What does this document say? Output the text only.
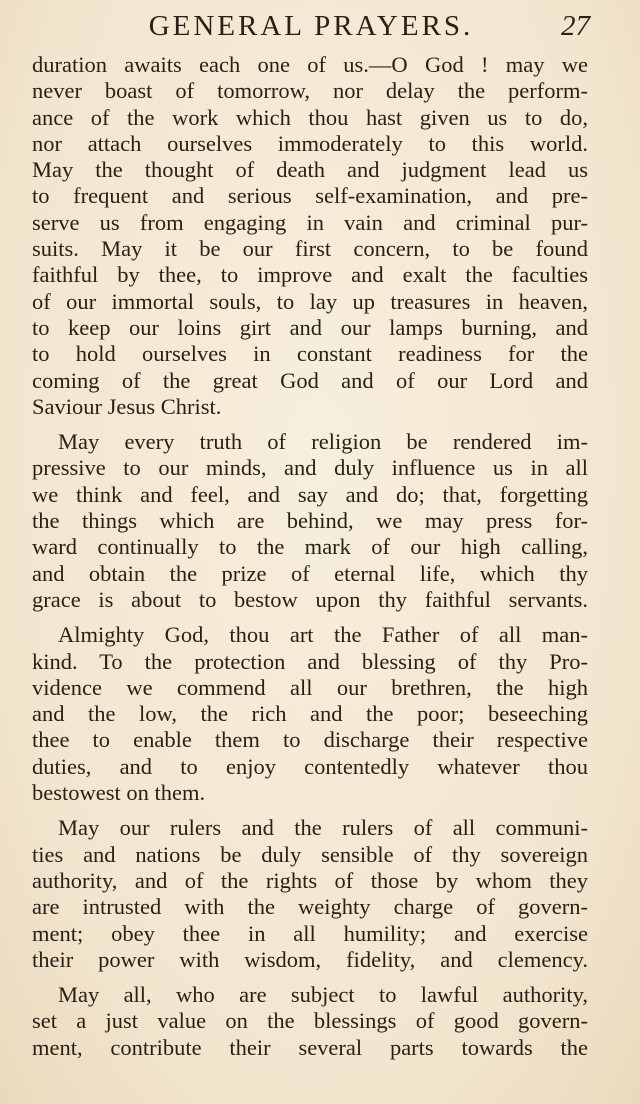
GENERAL PRAYERS.	27
duration awaits each one of us.—O God ! may we
never boast of tomorrow, nor delay the perform-
ance of the work which thou hast given us to do,
nor attach ourselves immoderately to this world.
May the thought of death and judgment lead us
to frequent and serious self-examination, and pre-
serve us from engaging in vain and criminal pur-
suits. May it be our first concern, to be found
faithful by thee, to improve and exalt the faculties
of our immortal souls, to lay up treasures in heaven,
to keep our loins girt and our lamps burning, and
to hold ourselves in constant readiness for the
coming of the great God and of our Lord and
Saviour Jesus Christ.
May every truth of religion be rendered im-
pressive to our minds, and duly influence us in all
we think and feel, and say and do; that, forgetting
the things which are behind, we may press for-
ward continually to the mark of our high calling,
and obtain the prize of eternal life, which thy
grace is about to bestow upon thy faithful servants.
Almighty God, thou art the Father of all man-
kind. To the protection and blessing of thy Pro-
vidence we commend all our brethren, the high
and the low, the rich and the poor; beseeching
thee to enable them to discharge their respective
duties, and to enjoy contentedly whatever thou
bestowest on them.
May our rulers and the rulers of all communi-
ties and nations be duly sensible of thy sovereign
authority, and of the rights of those by whom they
are intrusted with the weighty charge of govern-
ment; obey thee in all humility; and exercise
their power with wisdom, fidelity, and clemency.
May all, who are subject to lawful authority,
set a just value on the blessings of good govern-
ment, contribute their several parts towards the
